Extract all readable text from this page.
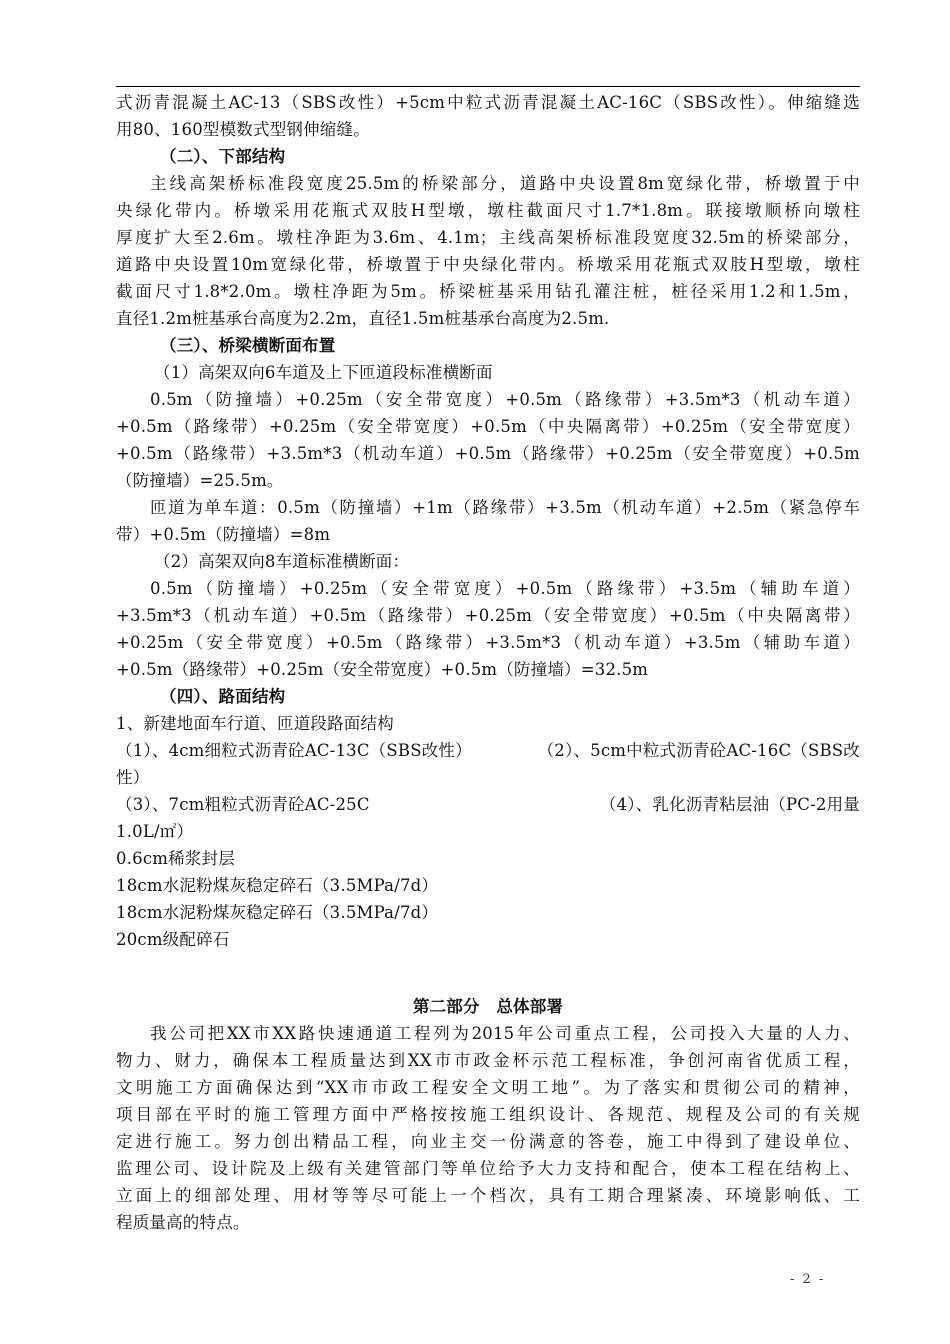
式沥青混凝土AC-13（SBS改性）+5cm中粒式沥青混凝土AC-16C（SBS改性）。伸缩缝选
用80、160型模数式型钢伸缩缝。
（二）、下部结构
主线高架桥标准段宽度25.5m的桥梁部分，道路中央设置8m宽绿化带，桥墩置于中
央绿化带内。桥墩采用花瓶式双肢H型墩，墩柱截面尺寸1.7*1.8m。联接墩顺桥向墩柱
厚度扩大至2.6m。墩柱净距为3.6m、4.1m；主线高架桥标准段宽度32.5m的桥梁部分，
道路中央设置10m宽绿化带，桥墩置于中央绿化带内。桥墩采用花瓶式双肢H型墩，墩柱
截面尺寸1.8*2.0m。墩柱净距为5m。桥梁桩基采用钻孔灌注桩，桩径采用1.2和1.5m，
直径1.2m桩基承台高度为2.2m，直径1.5m桩基承台高度为2.5m.
（三）、桥梁横断面布置
（1）高架双向6车道及上下匝道段标准横断面
0.5m（防撞墙）+0.25m（安全带宽度）+0.5m（路缘带）+3.5m*3（机动车道）
+0.5m（路缘带）+0.25m（安全带宽度）+0.5m（中央隔离带）+0.25m（安全带宽度）
+0.5m（路缘带）+3.5m*3（机动车道）+0.5m（路缘带）+0.25m（安全带宽度）+0.5m
（防撞墙）=25.5m。
匝道为单车道：0.5m（防撞墙）+1m（路缘带）+3.5m（机动车道）+2.5m（紧急停车
带）+0.5m（防撞墙）=8m
（2）高架双向8车道标准横断面：
0.5m（防撞墙）+0.25m（安全带宽度）+0.5m（路缘带）+3.5m（辅助车道）
+3.5m*3（机动车道）+0.5m（路缘带）+0.25m（安全带宽度）+0.5m（中央隔离带）
+0.25m（安全带宽度）+0.5m（路缘带）+3.5m*3（机动车道）+3.5m（辅助车道）
+0.5m（路缘带）+0.25m（安全带宽度）+0.5m（防撞墙）=32.5m
（四）、路面结构
1、新建地面车行道、匝道段路面结构
（1）、4cm细粒式沥青砼AC-13C（SBS改性）	（2）、5cm中粒式沥青砼AC-16C（SBS改
性）
（3）、7cm粗粒式沥青砼AC-25C	（4）、乳化沥青粘层油（PC-2用量
1.0L/㎡）
0.6cm稀浆封层
18cm水泥粉煤灰稳定碎石（3.5MPa/7d）
18cm水泥粉煤灰稳定碎石（3.5MPa/7d）
20cm级配碎石
第二部分　总体部署
我公司把XX市XX路快速通道工程列为2015年公司重点工程，公司投入大量的人力、
物力、财力，确保本工程质量达到XX市市政金杯示范工程标准，争创河南省优质工程，
文明施工方面确保达到“XX市市政工程安全文明工地”。为了落实和贯彻公司的精神，
项目部在平时的施工管理方面中严格按按施工组织设计、各规范、规程及公司的有关规
定进行施工。努力创出精品工程，向业主交一份满意的答卷，施工中得到了建设单位、
监理公司、设计院及上级有关建管部门等单位给予大力支持和配合，使本工程在结构上、
立面上的细部处理、用材等等尽可能上一个档次，具有工期合理紧凑、环境影响低、工
程质量高的特点。
- 2 -
